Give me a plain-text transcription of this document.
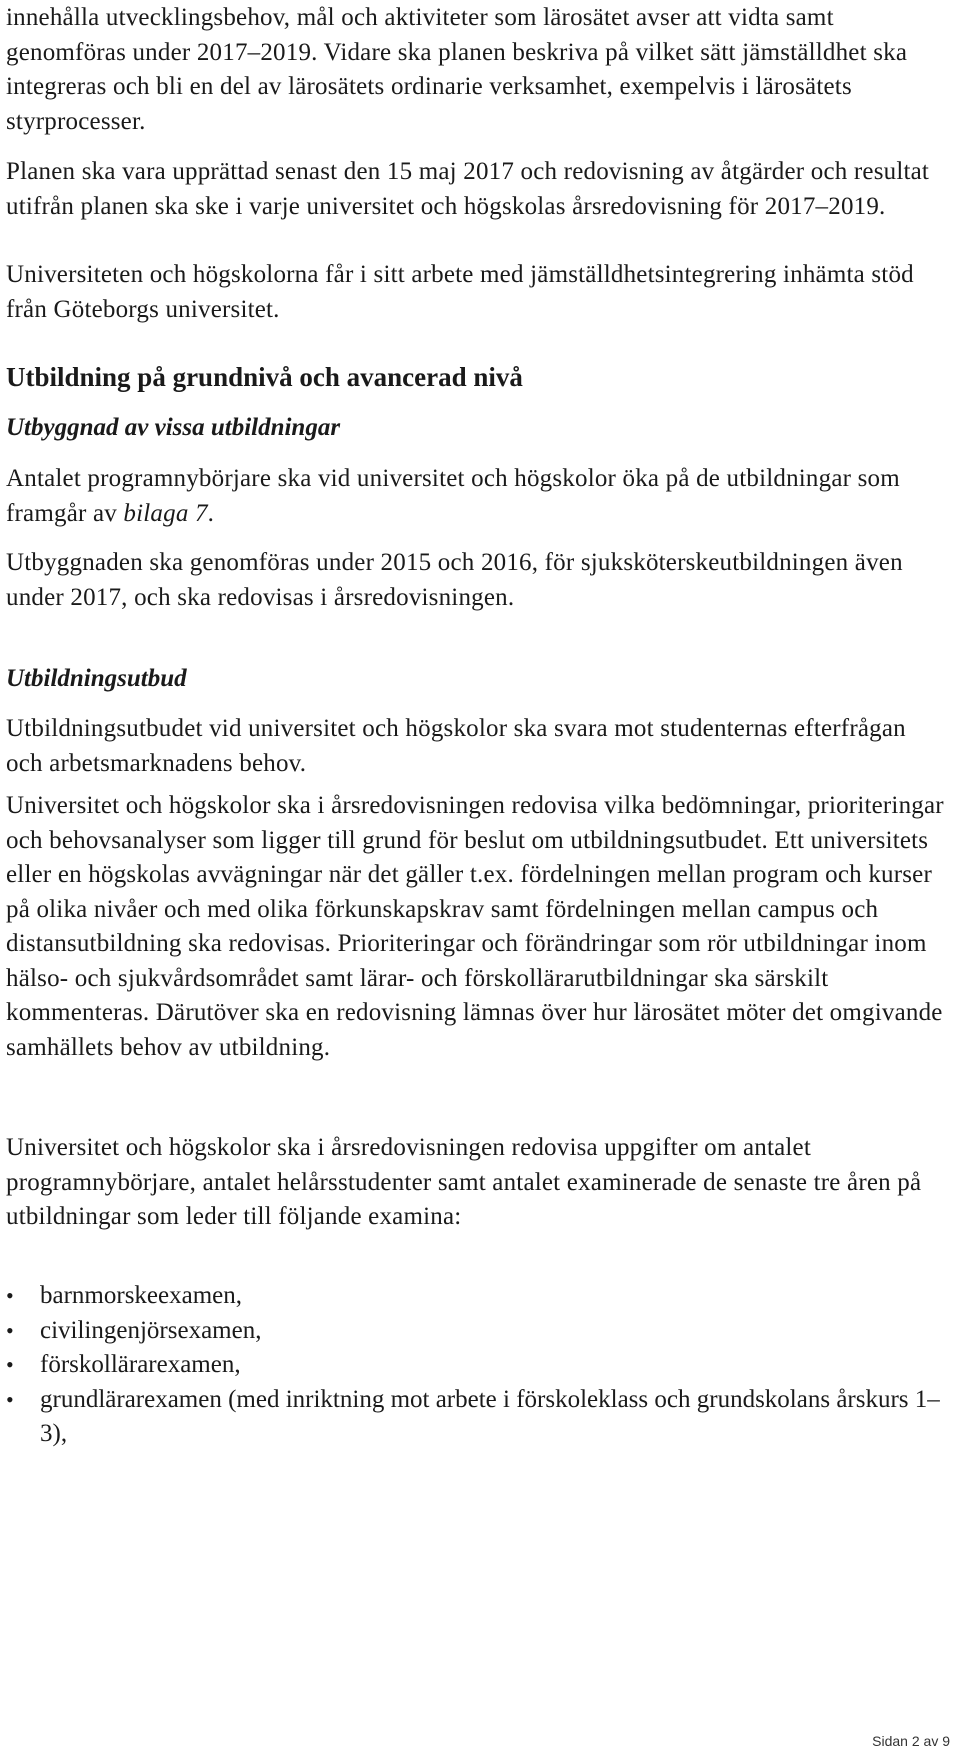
innehålla utvecklingsbehov, mål och aktiviteter som lärosätet avser att vidta samt genomföras under 2017–2019. Vidare ska planen beskriva på vilket sätt jämställdhet ska integreras och bli en del av lärosätets ordinarie verksamhet, exempelvis i lärosätets styrprocesser.

Planen ska vara upprättad senast den 15 maj 2017 och redovisning av åtgärder och resultat utifrån planen ska ske i varje universitet och högskolas årsredovisning för 2017–2019.

Universiteten och högskolorna får i sitt arbete med jämställdhetsintegrering inhämta stöd från Göteborgs universitet.

Utbildning på grundnivå och avancerad nivå
Utbyggnad av vissa utbildningar

Antalet programnybörjare ska vid universitet och högskolor öka på de utbildningar som framgår av bilaga 7.

Utbyggnaden ska genomföras under 2015 och 2016, för sjuksköterskeutbildningen även under 2017, och ska redovisas i årsredovisningen.

Utbildningsutbud

Utbildningsutbudet vid universitet och högskolor ska svara mot studenternas efterfrågan och arbetsmarknadens behov.

Universitet och högskolor ska i årsredovisningen redovisa vilka bedömningar, prioriteringar och behovsanalyser som ligger till grund för beslut om utbildningsutbudet. Ett universitets eller en högskolas avvägningar när det gäller t.ex. fördelningen mellan program och kurser på olika nivåer och med olika förkunskapskrav samt fördelningen mellan campus och distansutbildning ska redovisas. Prioriteringar och förändringar som rör utbildningar inom hälso- och sjukvårdsområdet samt lärar- och förskollärarutbildningar ska särskilt kommenteras. Därutöver ska en redovisning lämnas över hur lärosätet möter det omgivande samhällets behov av utbildning.

Universitet och högskolor ska i årsredovisningen redovisa uppgifter om antalet programnybörjare, antalet helårsstudenter samt antalet examinerade de senaste tre åren på utbildningar som leder till följande examina:

•	barnmorskeexamen,
•	civilingenjörsexamen,
•	förskollärarexamen,
•	grundlärarexamen (med inriktning mot arbete i förskoleklass och grundskolans årskurs 1–3),
Sidan 2 av 9
